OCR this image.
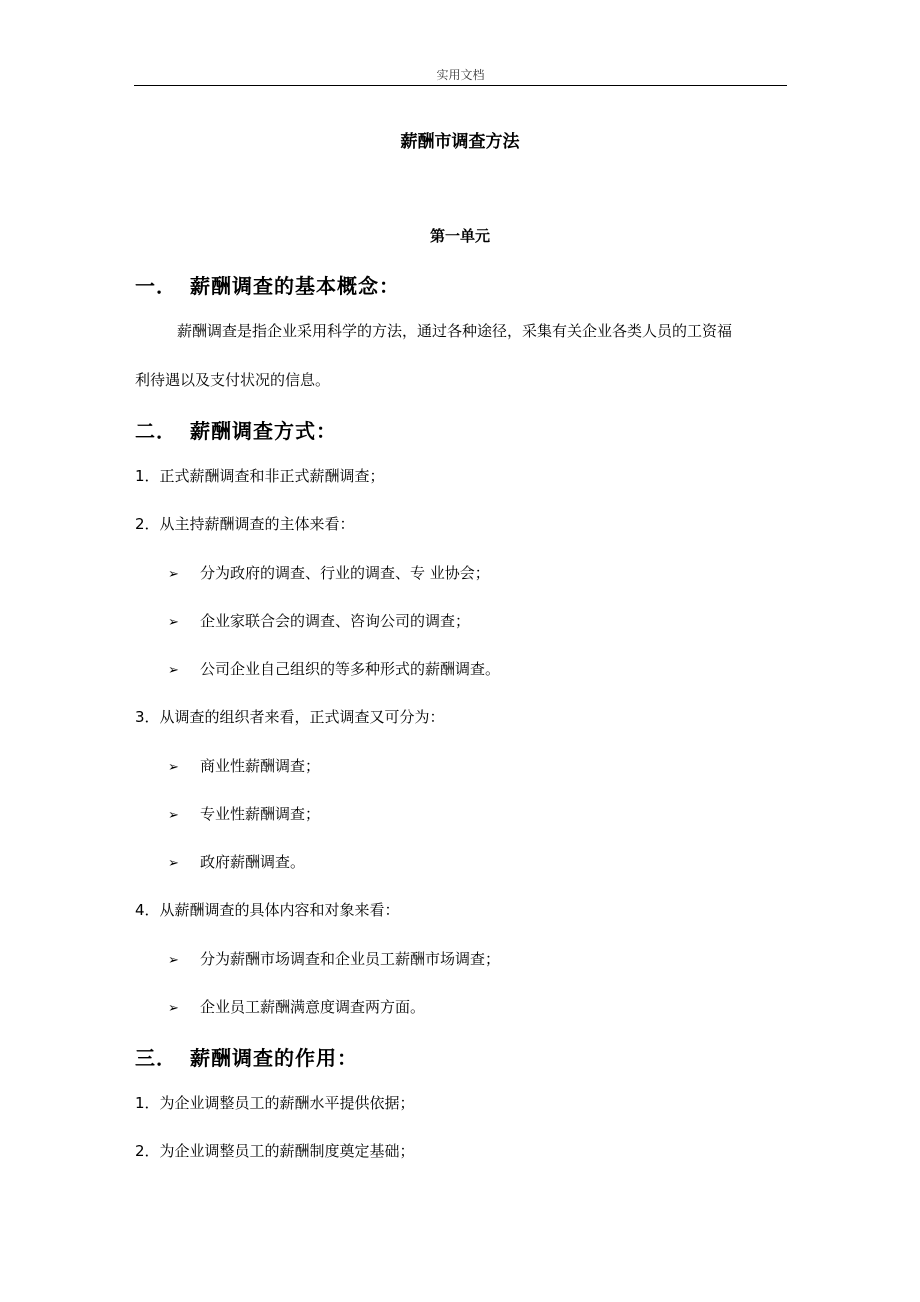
实用文档
薪酬市调查方法
第一单元
一． 薪酬调查的基本概念：
薪酬调查是指企业采用科学的方法，通过各种途径，采集有关企业各类人员的工资福
利待遇以及支付状况的信息。
二． 薪酬调查方式：
1．正式薪酬调查和非正式薪酬调查；
2．从主持薪酬调查的主体来看：
➢ 分为政府的调查、行业的调查、专 业协会；
➢ 企业家联合会的调查、咨询公司的调查；
➢ 公司企业自己组织的等多种形式的薪酬调查。
3．从调查的组织者来看，正式调查又可分为：
➢ 商业性薪酬调查；
➢ 专业性薪酬调查；
➢ 政府薪酬调查。
4．从薪酬调查的具体内容和对象来看：
➢ 分为薪酬市场调查和企业员工薪酬市场调查；
➢ 企业员工薪酬满意度调查两方面。
三． 薪酬调查的作用：
1．为企业调整员工的薪酬水平提供依据；
2．为企业调整员工的薪酬制度奠定基础；
